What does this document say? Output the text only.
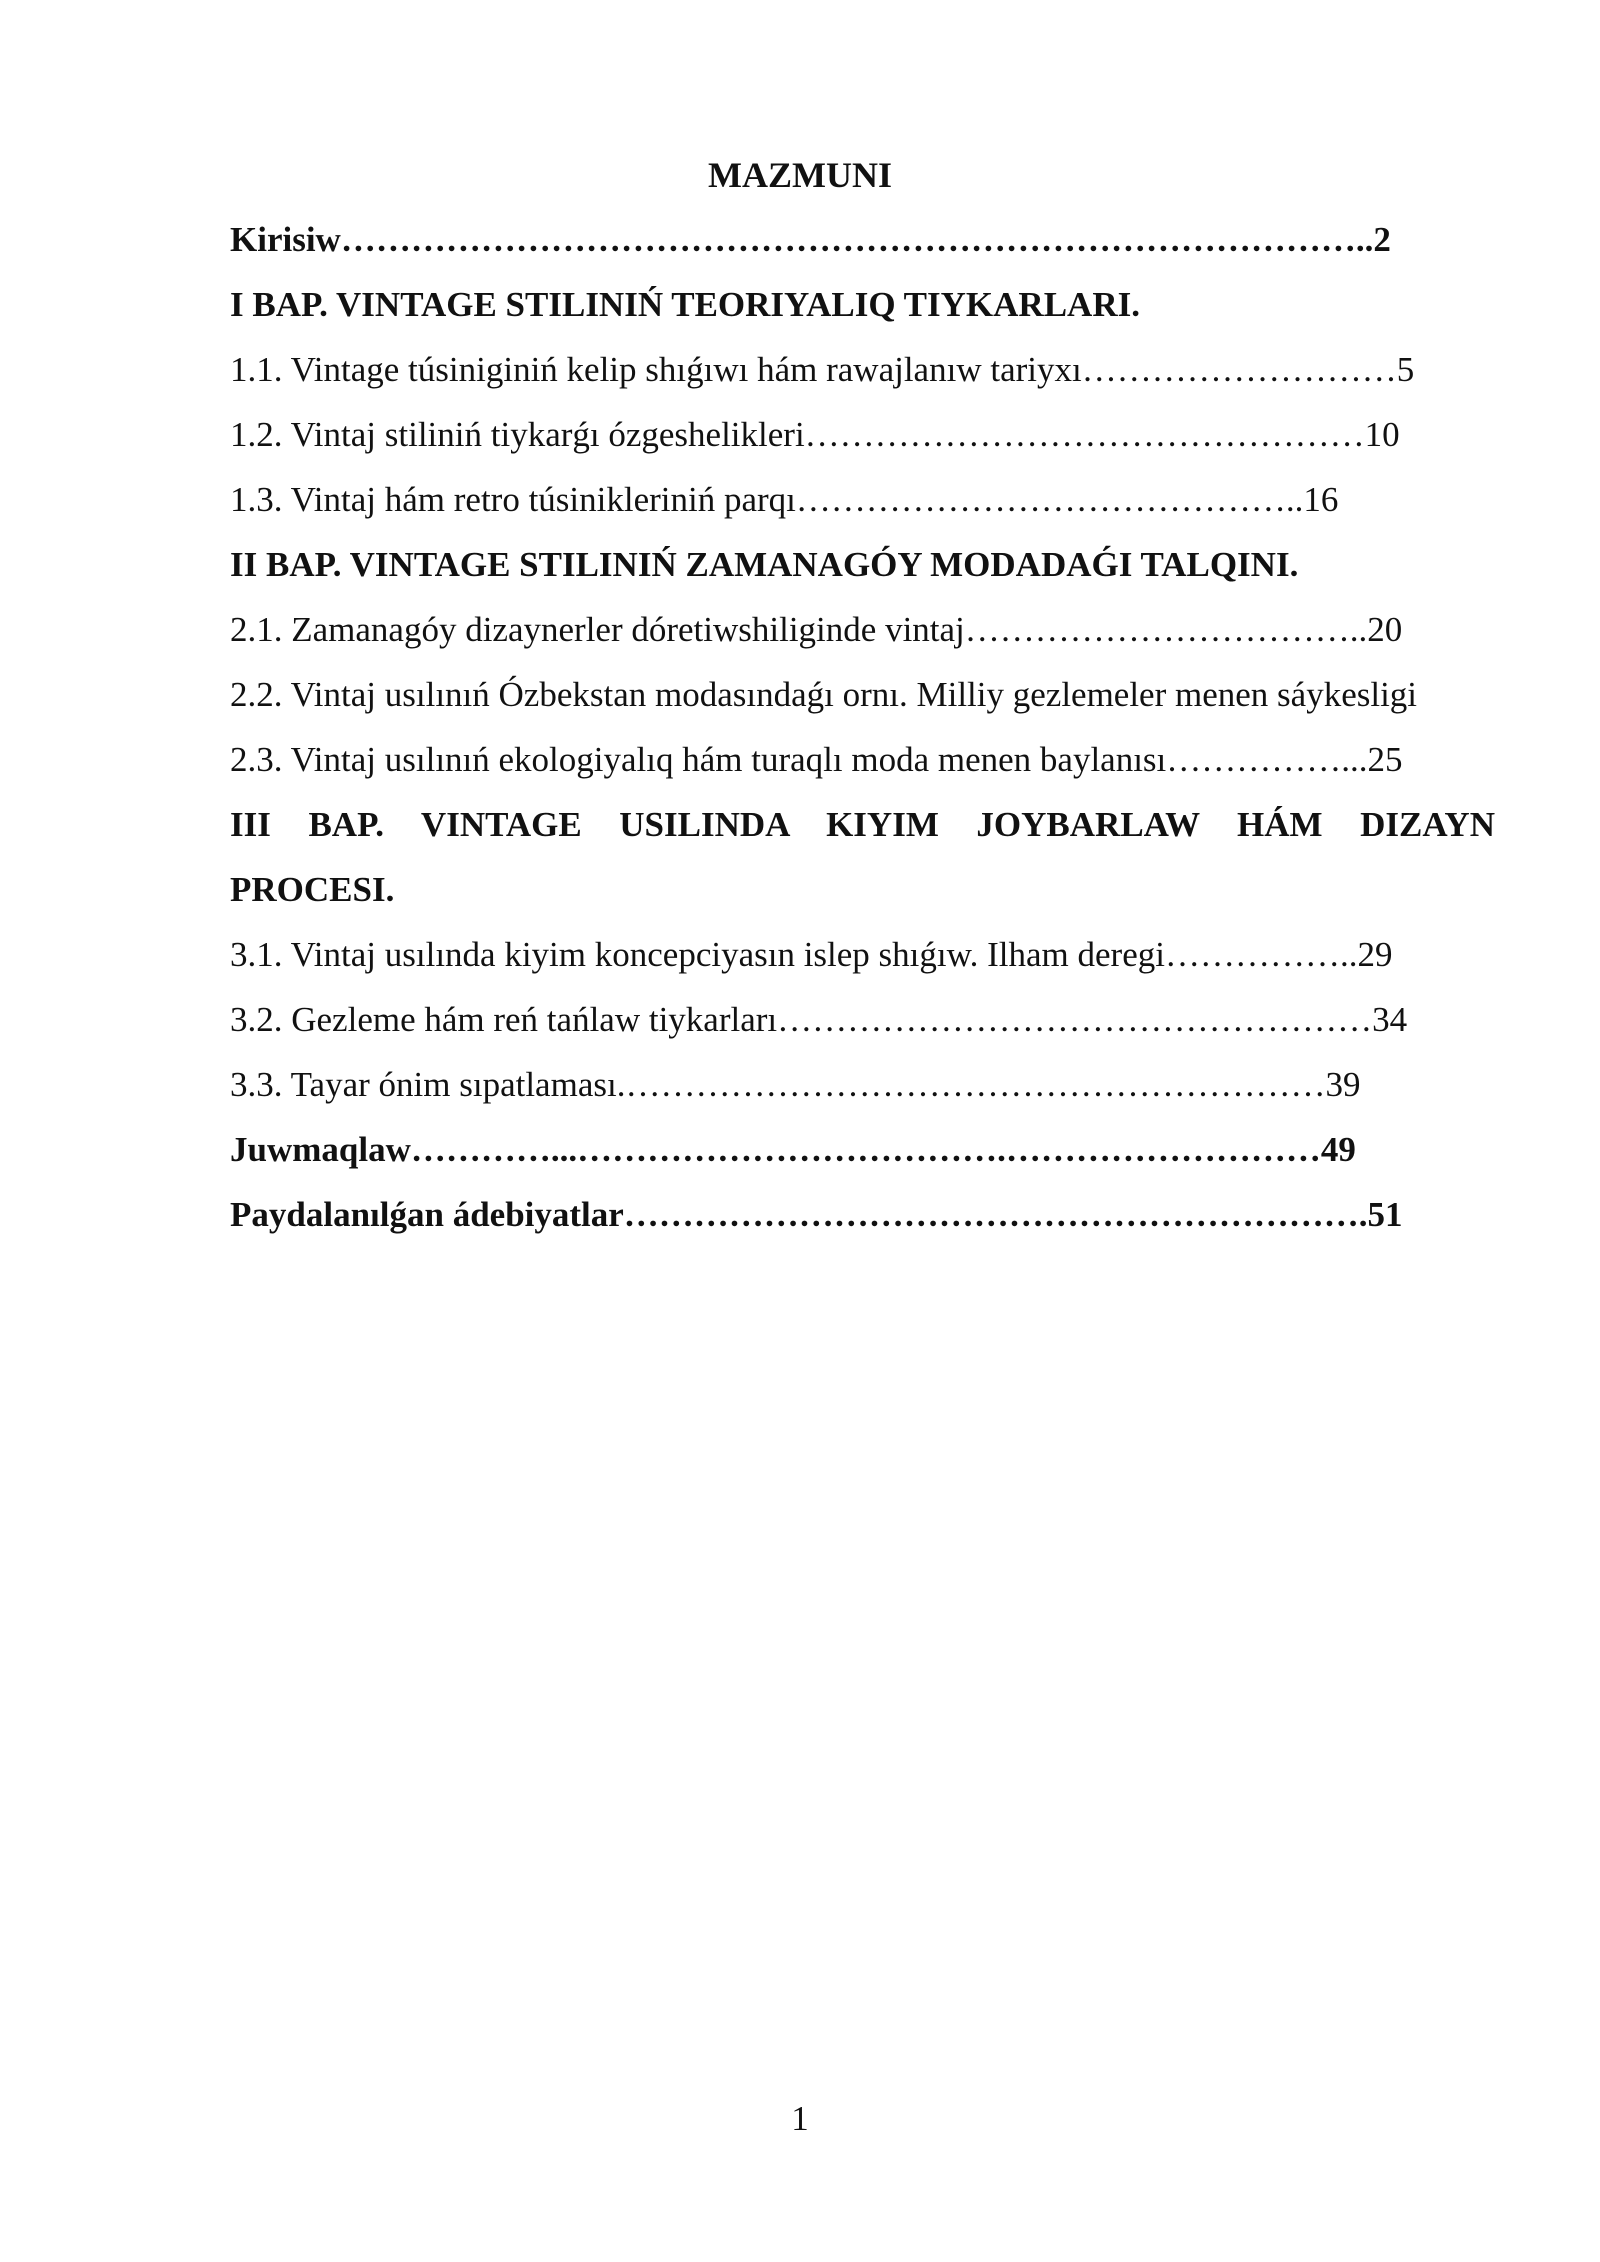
MAZMUNI
Kirisiw……………………………………………………………………………..2
I BAP. VINTAGE STILINIŃ TEORIYALIQ TIYKARLARI.
1.1. Vintage túsiniginiń kelip shıǵıwı hám rawajlanıw tariyxı………………………5
1.2. Vintaj stiliniń tiykarǵı ózgeshelikleri…………………………………………10
1.3. Vintaj hám retro túsinikleriniń parqı……………………………………..16
II BAP. VINTAGE STILINIŃ ZAMANAGÓY MODADAǴI TALQINI.
2.1. Zamanagóy dizaynerler dóretiwshiliginde vintaj……………………………..20
2.2. Vintaj usılınıń Ózbekstan modasındaǵı ornı. Milliy gezlemeler menen sáykesligi
2.3. Vintaj usılınıń ekologiyalıq hám turaqlı moda menen baylanısı……………...25
III BAP. VINTAGE USILINDA KIYIM JOYBARLAW HÁM DIZAYN
PROCESI.
3.1. Vintaj usılında kiyim koncepciyasın islep shıǵıw. Ilham deregi……………..29
3.2. Gezleme hám reń tańlaw tiykarları……………………………………………34
3.3. Tayar ónim sıpatlaması.……………………………………………………39
Juwmaqlaw…………...……………………………….………………………49
Paydalanılǵan ádebiyatlar……………………………………………………….51
1
